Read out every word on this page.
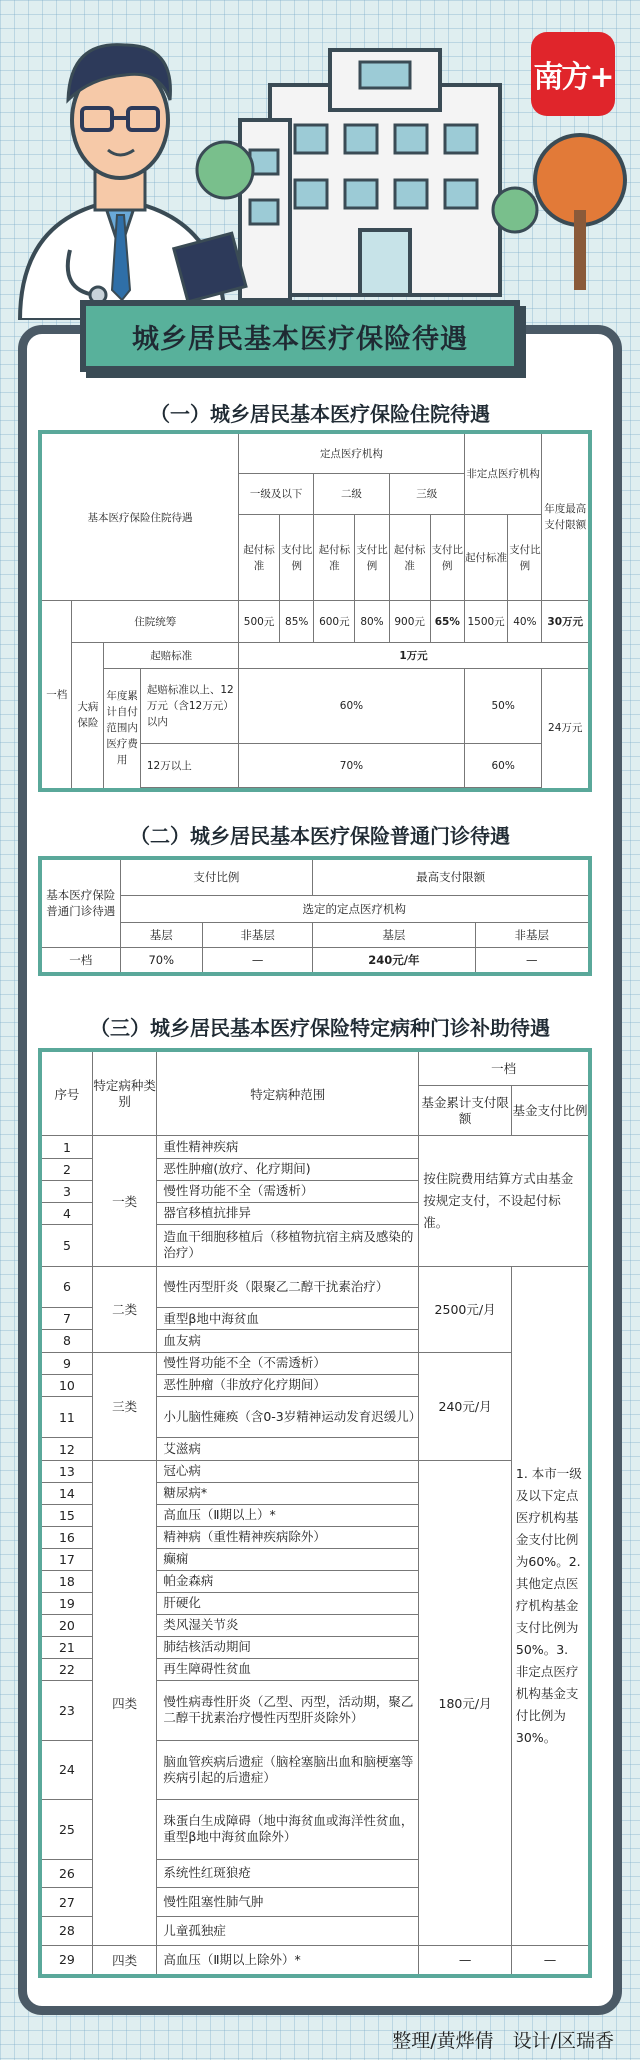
南方+
城乡居民基本医疗保险待遇
（一）城乡居民基本医疗保险住院待遇
基本医疗保险住院待遇				定点医疗机构						非定点医疗机构		年度最高支付限额
				一级及以下		二级		三级				
				起付标准	支付比例	起付标准	支付比例	起付标准	支付比例	起付标准	支付比例	
一档	住院统筹			500元	85%	600元	80%	900元	65%	1500元	40%	30万元
	大病保险	起赔标准		1万元								
		年度累计自付范围内医疗费用	起赔标准以上、12万元（含12万元）以内	60%						50%		24万元
			12万以上	70%						60%		

（二）城乡居民基本医疗保险普通门诊待遇
基本医疗保险普通门诊待遇	支付比例		最高支付限额	
	选定的定点医疗机构			
	基层	非基层	基层	非基层
一档	70%	—	240元/年	—
（三）城乡居民基本医疗保险特定病种门诊补助待遇
序号	特定病种类别	特定病种范围	一档	
			基金累计支付限额	基金支付比例
1	一类	重性精神疾病	按住院费用结算方式由基金按规定支付，不设起付标准。	
2		恶性肿瘤(放疗、化疗期间)		
3		慢性肾功能不全（需透析）		
4		器官移植抗排异		
5		造血干细胞移植后（移植物抗宿主病及感染的治疗）		
6	二类	慢性丙型肝炎（限聚乙二醇干扰素治疗）	2500元/月	1. 本市一级及以下定点医疗机构基金支付比例为60%。2. 其他定点医疗机构基金支付比例为50%。3. 非定点医疗机构基金支付比例为30%。
7		重型β地中海贫血		
8		血友病		
9	三类	慢性肾功能不全（不需透析）	240元/月	
10		恶性肿瘤（非放疗化疗期间）		
11		小儿脑性瘫痪（含0-3岁精神运动发育迟缓儿）		
12		艾滋病		
13	四类	冠心病	180元/月	
14		糖尿病*		
15		高血压（Ⅱ期以上）*		
16		精神病（重性精神疾病除外）		
17		癫痫		
18		帕金森病		
19		肝硬化		
20		类风湿关节炎		
21		肺结核活动期间		
22		再生障碍性贫血		
23		慢性病毒性肝炎（乙型、丙型，活动期，聚乙二醇干扰素治疗慢性丙型肝炎除外）		
24		脑血管疾病后遗症（脑栓塞脑出血和脑梗塞等疾病引起的后遗症）		
25		珠蛋白生成障碍（地中海贫血或海洋性贫血，重型β地中海贫血除外）		
26		系统性红斑狼疮		
27		慢性阻塞性肺气肿		
28		儿童孤独症		
29	四类	高血压（Ⅱ期以上除外）*	—	—
整理/黄烨倩　设计/区瑞香
